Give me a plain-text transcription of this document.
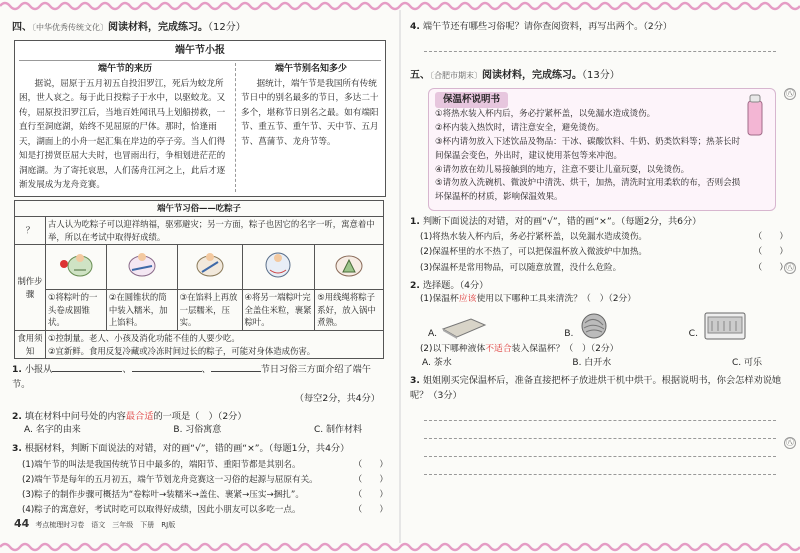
四、〔中华优秀传统文化〕阅读材料，完成练习。（12分）
端午节小报
端午节的来历
据说，屈原于五月初五自投汨罗江，死后为蛟龙所困，世人哀之。每于此日投粽子于水中，以驱蛟龙。又传，屈原投汨罗江后，当地百姓闻讯马上划船捞救，一直行至洞庭湖，始终不见屈原的尸体。那时，恰逢雨天，湖面上的小舟一起汇集在岸边的亭子旁。当人们得知是打捞贤臣屈大夫时，也冒雨出行，争相划进茫茫的洞庭湖。为了寄托哀思，人们荡舟江河之上，此后才逐渐发展成为龙舟竞赛。
端午节别名知多少
据统计，端午节是我国所有传统节日中的别名最多的节日，多达二十多个，堪称节日别名之最。如有端阳节、重五节、重午节、天中节、五月节、菖蒲节、龙舟节等。
端午节习俗——吃粽子					
？	古人认为吃粽子可以迎祥纳福，驱邪避灾；另一方面，粽子也因它的名字一听，寓意着中举，所以在考试中取得好成绩。				
制作步骤					
	①将粽叶的一头卷成圆锥状。	②在圆锥状的筒中装入糯米，加上馅料。	③在馅料上再放一层糯米，压实。	④将另一端粽叶完全盖住米粒，裹紧粽叶。	⑤用线绳将粽子系好，放入锅中煮熟。
食用须知	①控制量。老人、小孩及消化功能不佳的人要少吃。
②宜新鲜。食用反复冷藏或冷冻时间过长的粽子，可能对身体造成伤害。				
1. 小报从	、	、	节日习俗三方面介绍了端午节。
（每空2分，共4分）
2. 填在材料中问号处的内容最合适的一项是（　）（2分）
A. 名字的由来	B. 习俗寓意	C. 制作材料
3. 根据材料，判断下面说法的对错，对的画“√”，错的画“×”。（每题1分，共4分）
(1)端午节的叫法是我国传统节日中最多的，端阳节、重阳节都是其别名。	（　　）
(2)端午节是每年的五月初五，端午节划龙舟竞赛这一习俗的起源与屈原有关。	（　　）
(3)粽子的制作步骤可概括为“卷粽叶→装糯米→盖住、裹紧→压实→捆扎”。	（　　）
(4)粽子的寓意好，考试时吃可以取得好成绩，因此小朋友可以多吃一点。	（　　）
44 考点梳理时习卷　语文　三年级　下册　RJ版
4. 端午节还有哪些习俗呢？请你查阅资料，再写出两个。（2分）
五、〔合肥市期末〕阅读材料，完成练习。（13分）
保温杯说明书
①将热水装入杯内后，务必拧紧杯盖，以免漏水造成烫伤。
②杯内装入热饮时，请注意安全，避免烫伤。
③杯内请勿放入下述饮品及物品：干冰、碳酸饮料、牛奶、奶类饮料等；热茶长时间保温会变色，外出时，建议使用茶包等来冲泡。
④请勿放在幼儿易接触到的地方，注意不要让儿童玩耍，以免烫伤。
⑤请勿放入洗碗机、微波炉中清洗、烘干，加热，清洗时宜用柔软的布，否则会损坏保温杯的材质，影响保温效果。
1. 判断下面说法的对错，对的画“√”，错的画“×”。（每题2分，共6分）
(1)将热水装入杯内后，务必拧紧杯盖，以免漏水造成烫伤。	（　　）
(2)保温杯里的水不热了，可以把保温杯放入微波炉中加热。	（　　）
(3)保温杯是常用物品，可以随意放置，没什么危险。	（　　）
2. 选择题。（4分）
(1)保温杯应该使用以下哪种工具来清洗？（　）（2分）
A.	B.	C.
(2)以下哪种液体不适合装入保温杯？（　）（2分）
A. 茶水	B. 白开水	C. 可乐
3. 姐姐刚买完保温杯后，准备直接把杯子放进烘干机中烘干。根据说明书，你会怎样劝说她呢？（3分）
㊇
㊇
㊇
